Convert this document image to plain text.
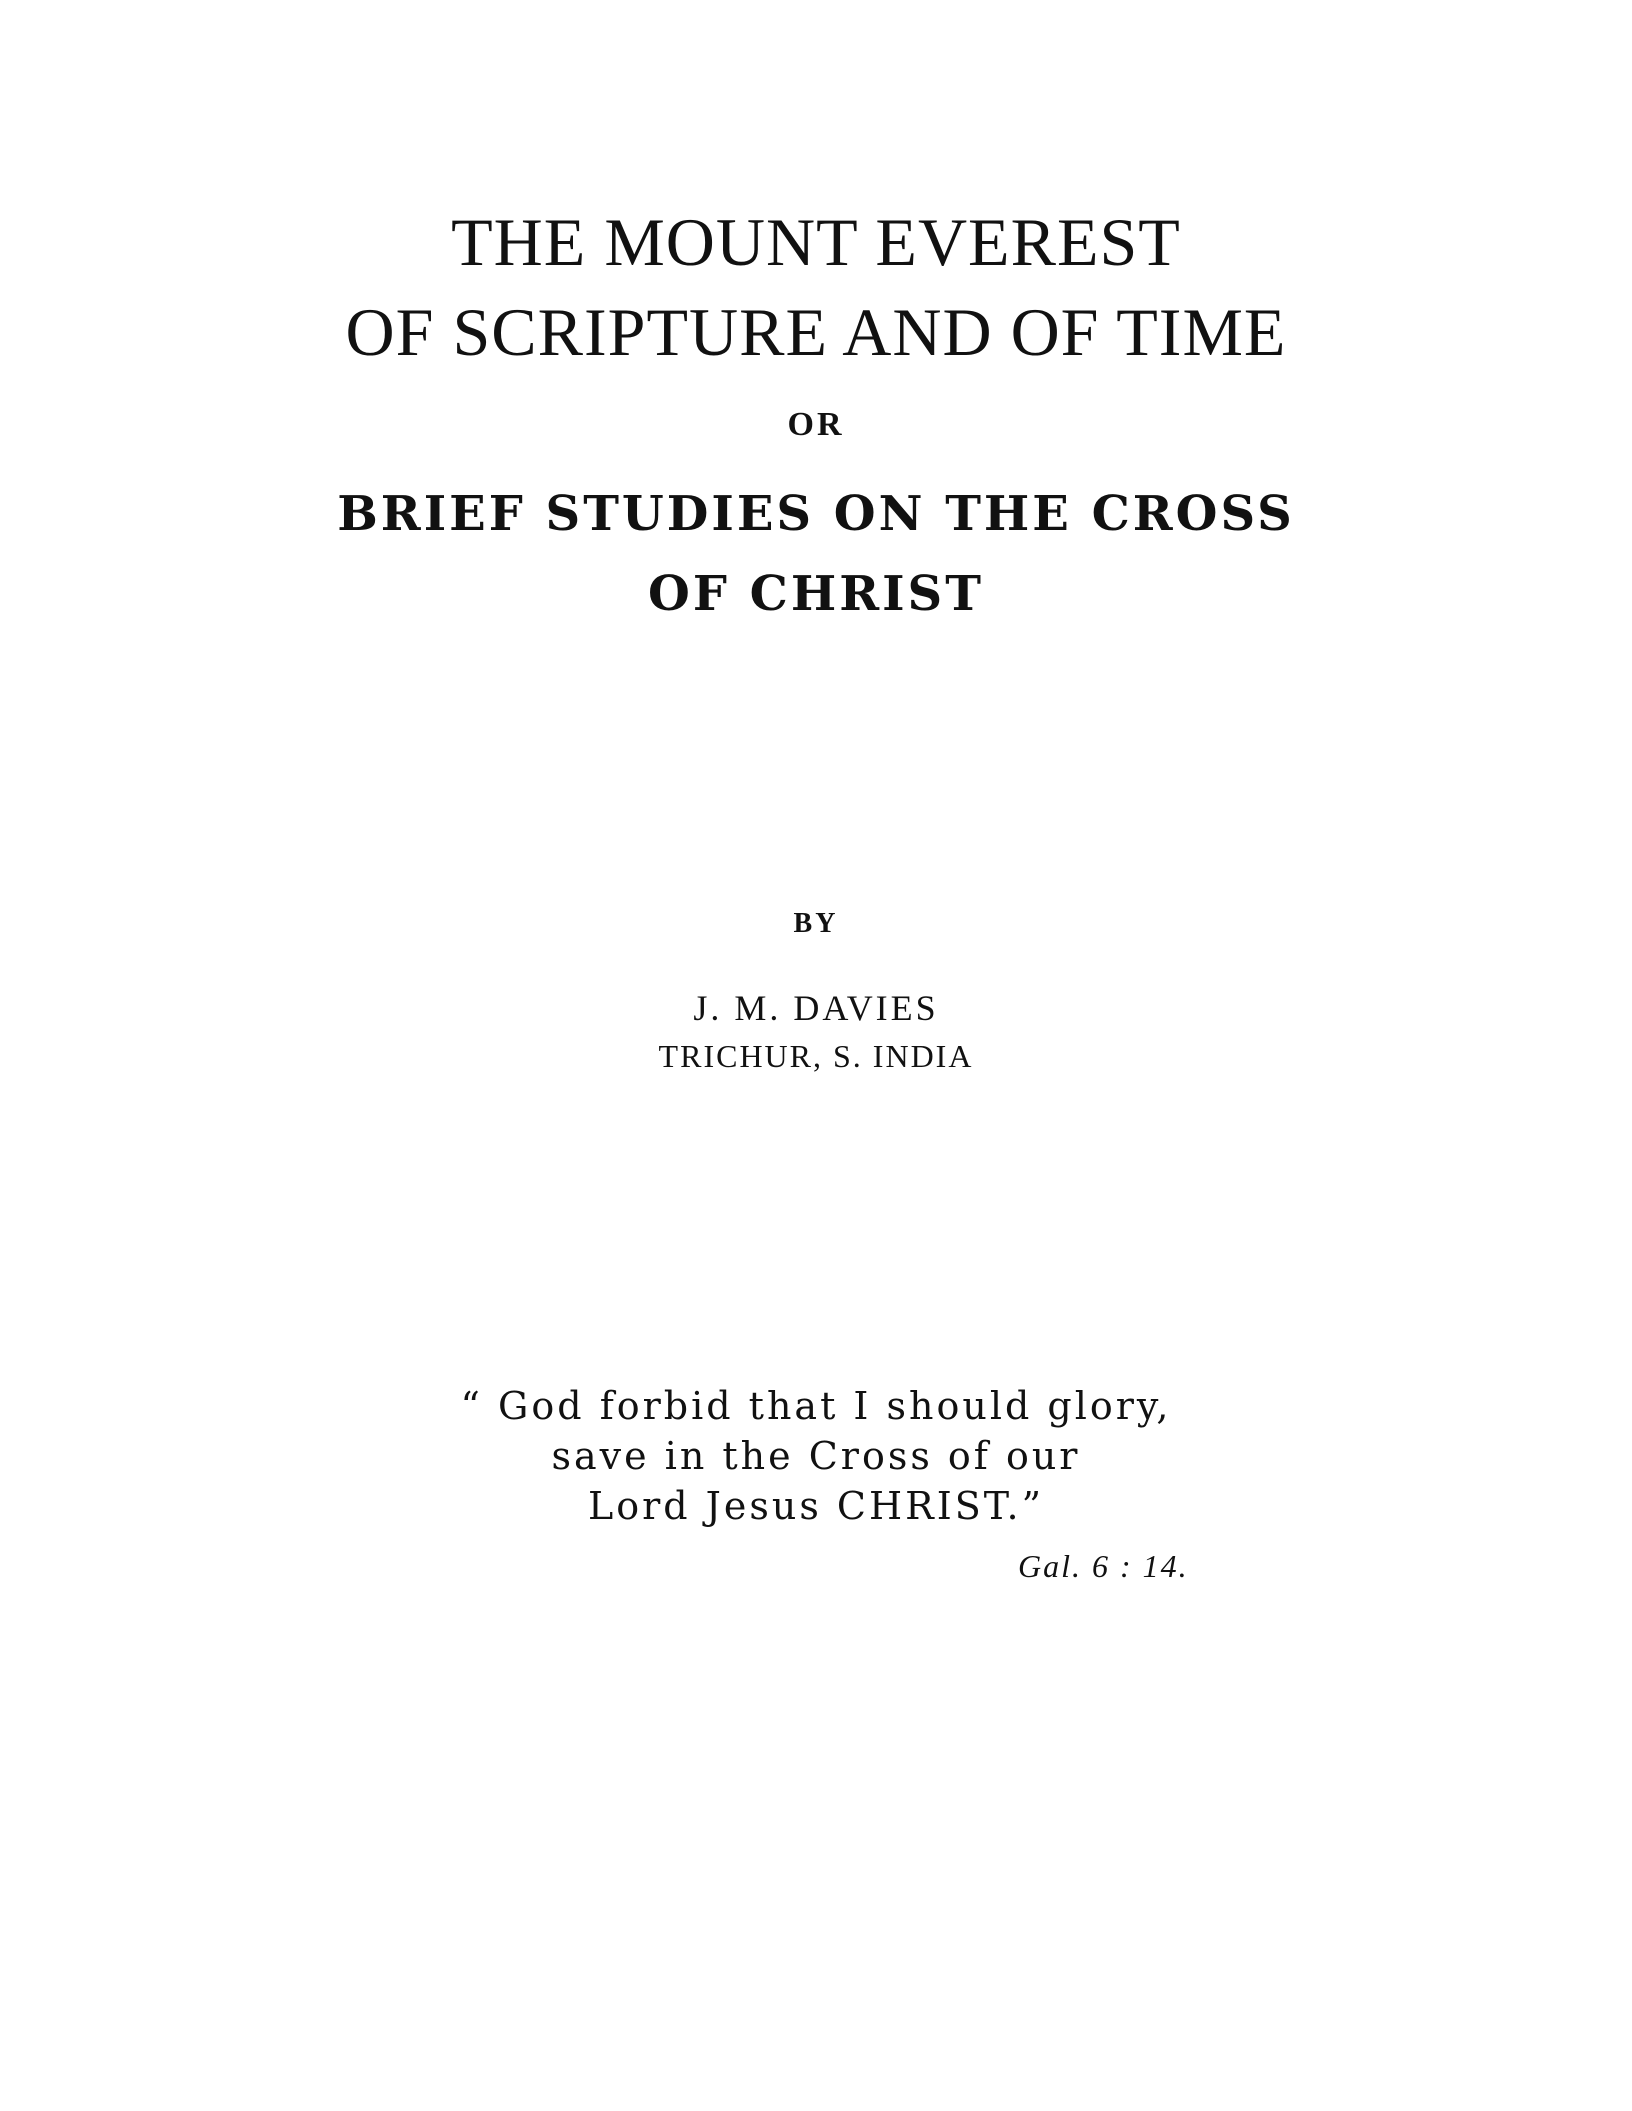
THE MOUNT EVEREST
OF SCRIPTURE AND OF TIME
OR
BRIEF STUDIES ON THE CROSS
OF CHRIST
BY
J. M. DAVIES
TRICHUR, S. INDIA
“ God forbid that I should glory,
save in the Cross of our
Lord Jesus CHRIST.”
Gal. 6 : 14.
